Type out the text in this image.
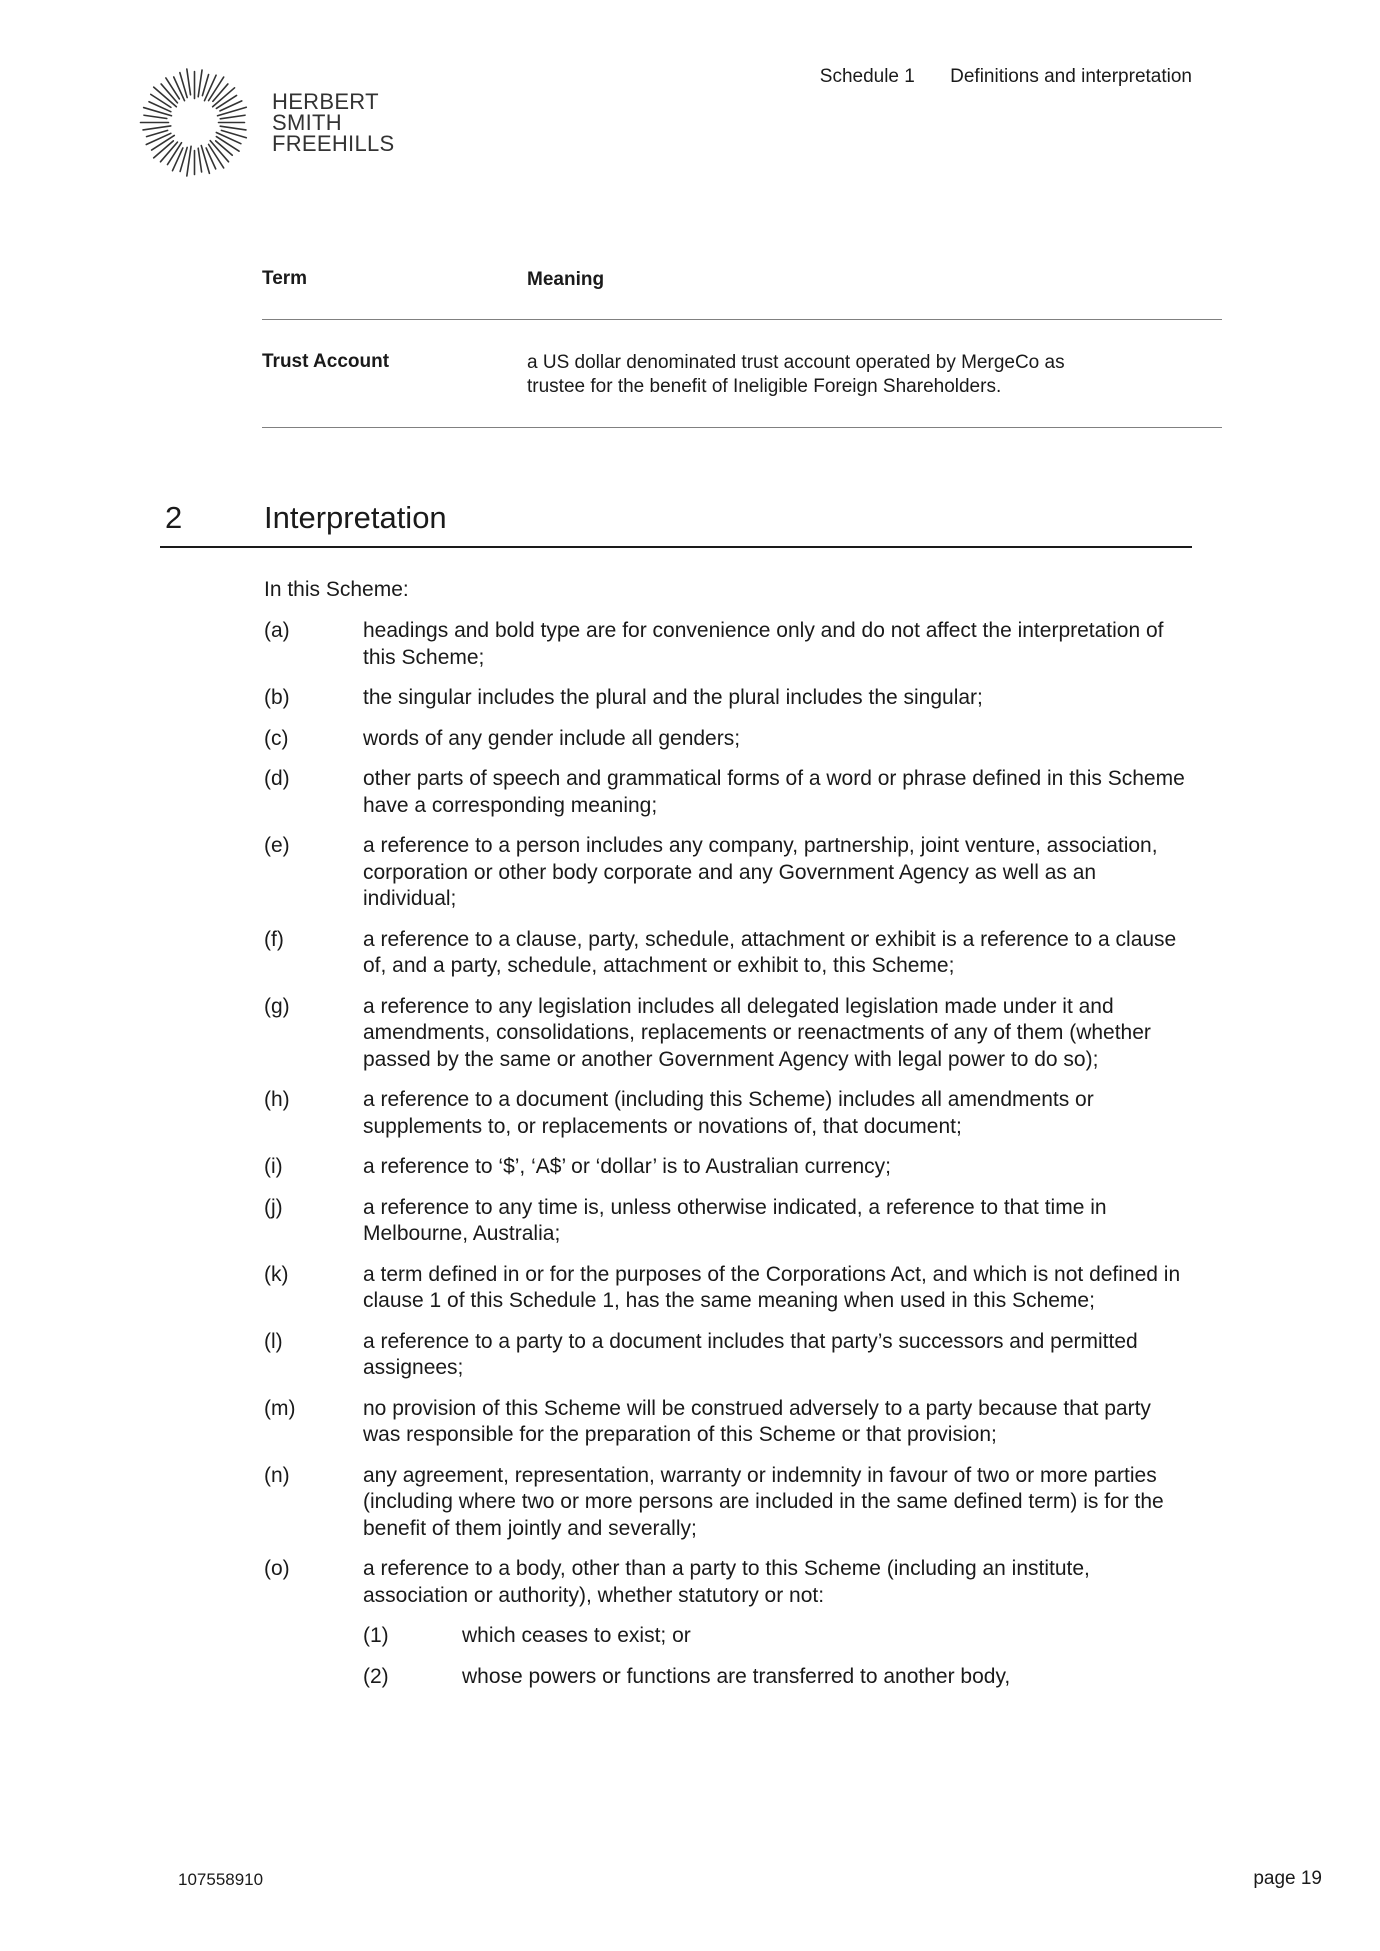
HERBERT
SMITH
FREEHILLS
Schedule 1 Definitions and interpretation
Term	Meaning
Trust Account	a US dollar denominated trust account operated by MergeCo as trustee for the benefit of Ineligible Foreign Shareholders.
2	Interpretation
In this Scheme:
(a)	headings and bold type are for convenience only and do not affect the interpretation of this Scheme;
(b)	the singular includes the plural and the plural includes the singular;
(c)	words of any gender include all genders;
(d)	other parts of speech and grammatical forms of a word or phrase defined in this Scheme have a corresponding meaning;
(e)	a reference to a person includes any company, partnership, joint venture, association, corporation or other body corporate and any Government Agency as well as an individual;
(f)	a reference to a clause, party, schedule, attachment or exhibit is a reference to a clause of, and a party, schedule, attachment or exhibit to, this Scheme;
(g)	a reference to any legislation includes all delegated legislation made under it and amendments, consolidations, replacements or reenactments of any of them (whether passed by the same or another Government Agency with legal power to do so);
(h)	a reference to a document (including this Scheme) includes all amendments or supplements to, or replacements or novations of, that document;
(i)	a reference to ‘$’, ‘A$’ or ‘dollar’ is to Australian currency;
(j)	a reference to any time is, unless otherwise indicated, a reference to that time in Melbourne, Australia;
(k)	a term defined in or for the purposes of the Corporations Act, and which is not defined in clause 1 of this Schedule 1, has the same meaning when used in this Scheme;
(l)	a reference to a party to a document includes that party’s successors and permitted assignees;
(m)	no provision of this Scheme will be construed adversely to a party because that party was responsible for the preparation of this Scheme or that provision;
(n)	any agreement, representation, warranty or indemnity in favour of two or more parties (including where two or more persons are included in the same defined term) is for the benefit of them jointly and severally;
(o)	a reference to a body, other than a party to this Scheme (including an institute, association or authority), whether statutory or not:
(1)	which ceases to exist; or
(2)	whose powers or functions are transferred to another body,
107558910	page 19
